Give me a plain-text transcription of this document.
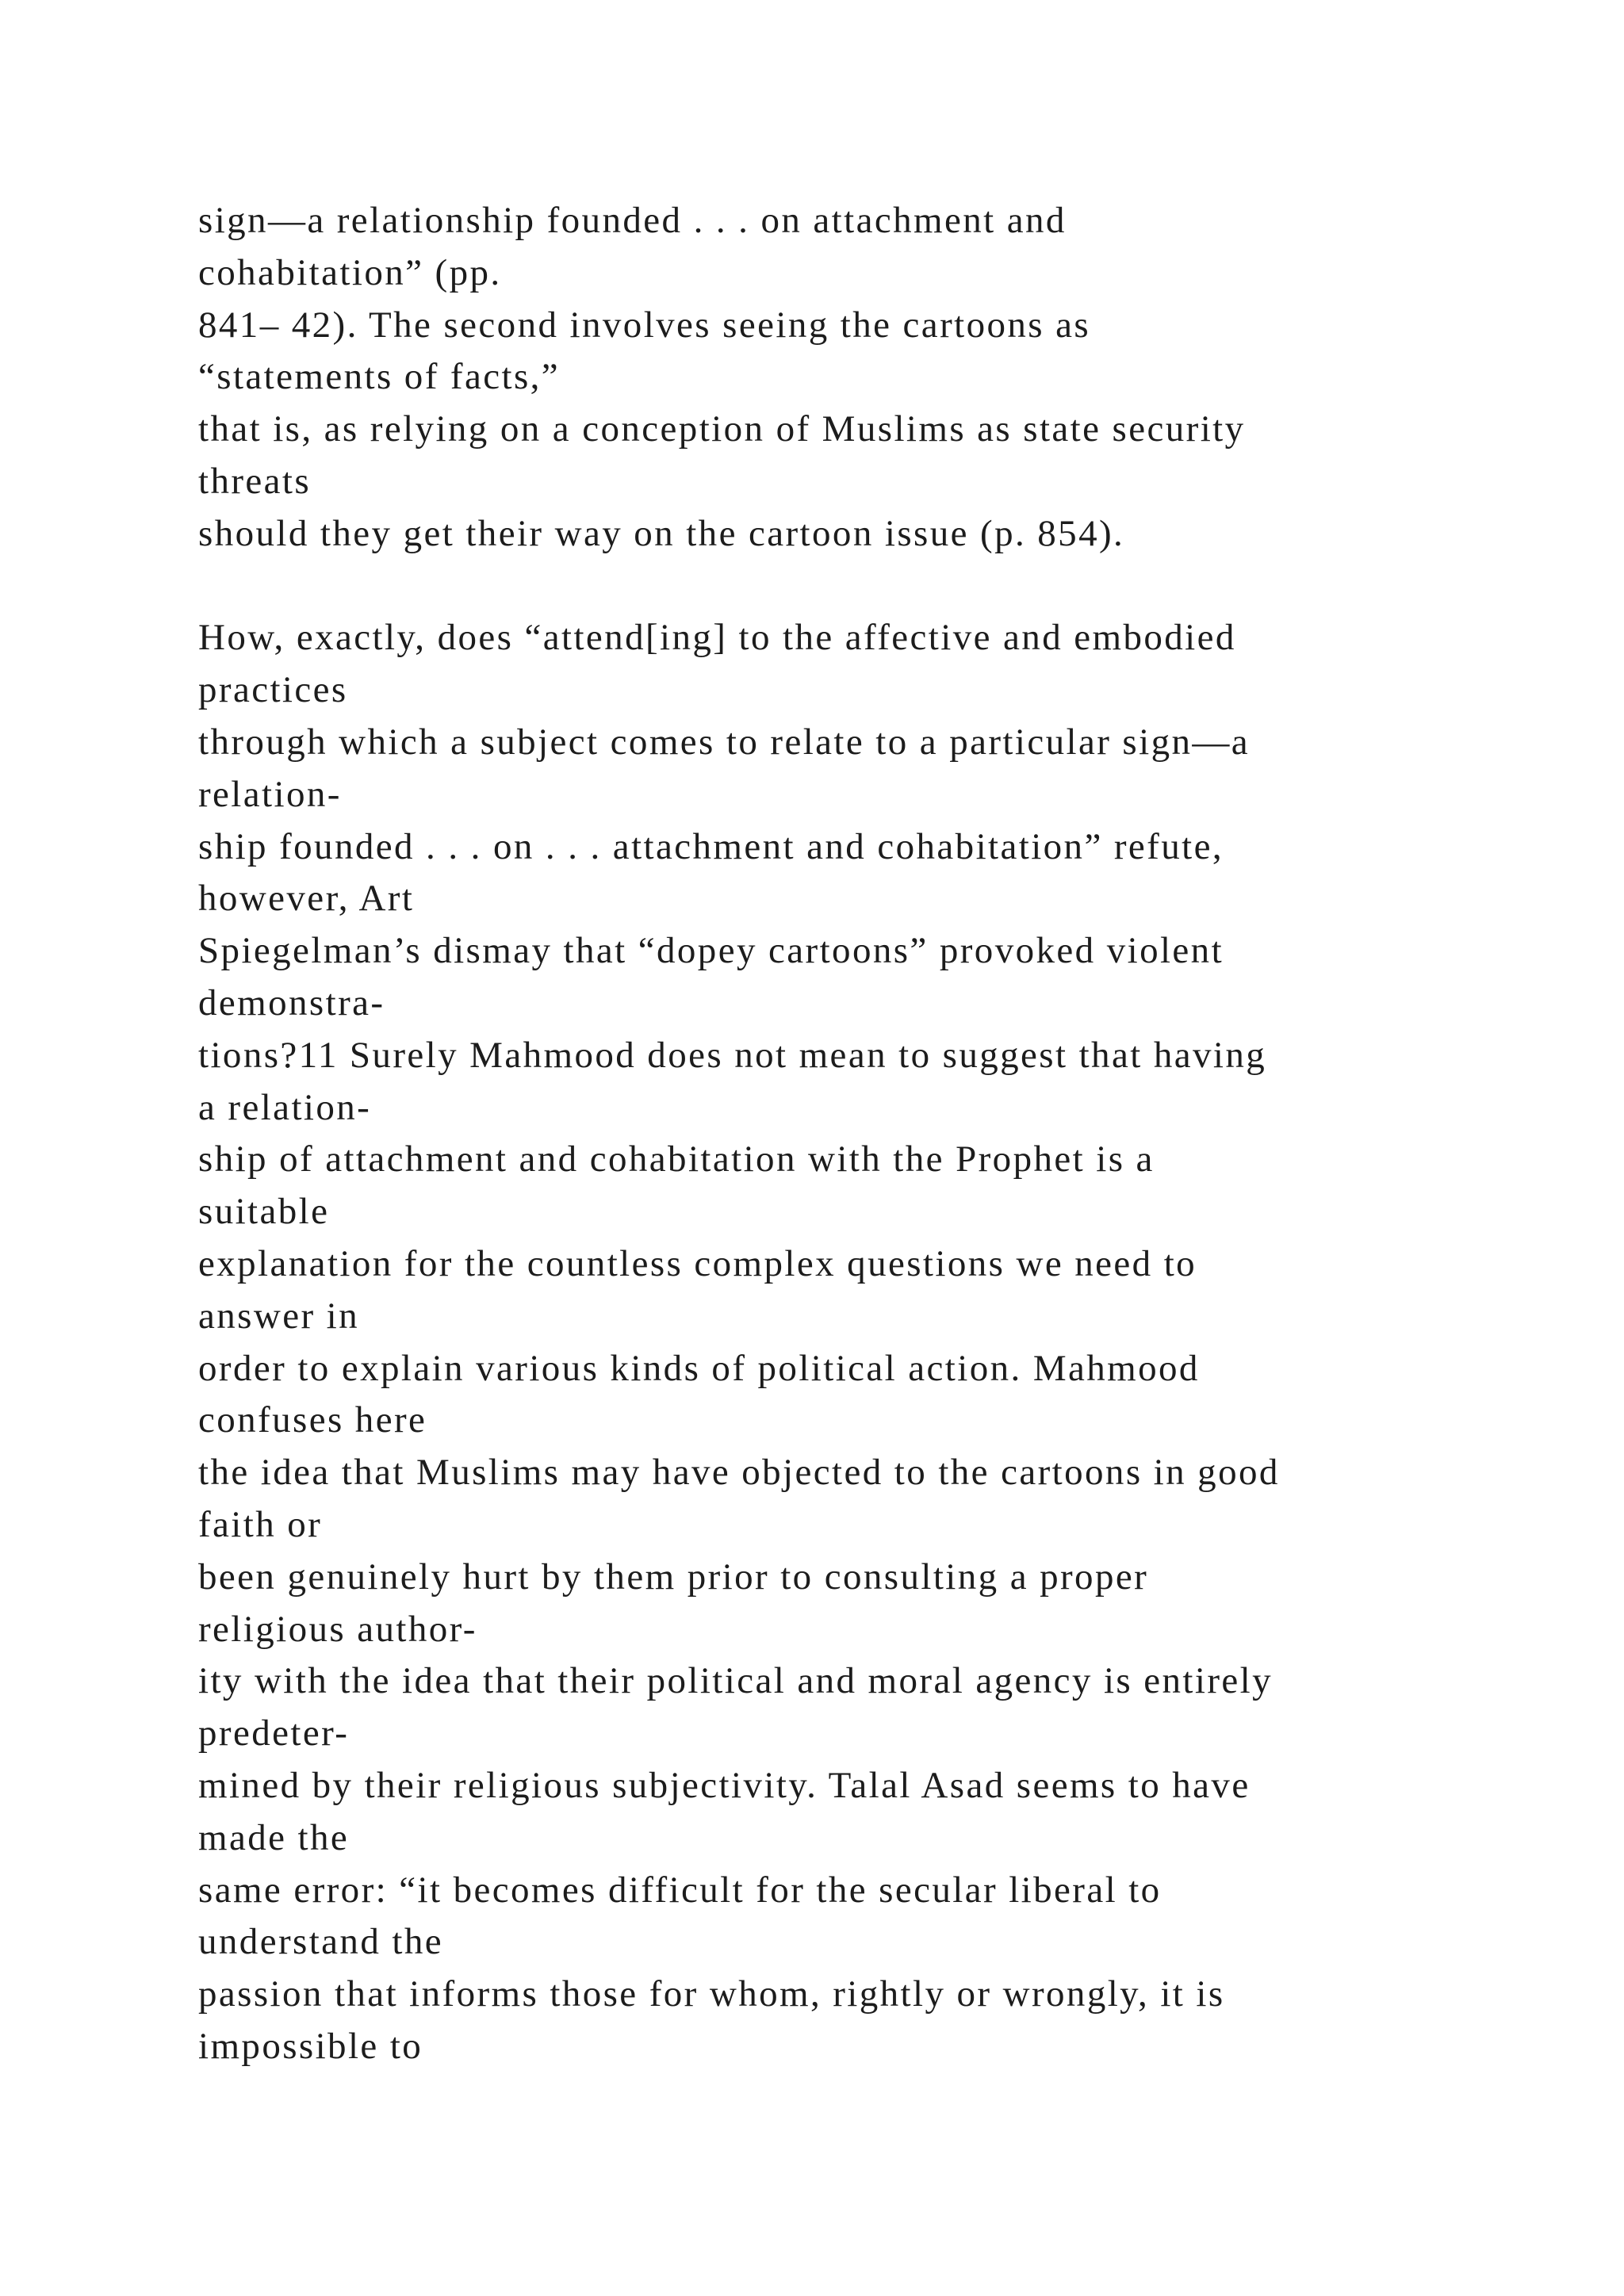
sign—a relationship founded . . . on attachment and
cohabitation” (pp.
841– 42). The second involves seeing the cartoons as
“statements of facts,”
that is, as relying on a conception of Muslims as state security
threats
should they get their way on the cartoon issue (p. 854).
How, exactly, does “attend[ing] to the affective and embodied
practices
through which a subject comes to relate to a particular sign—a
relation-
ship founded . . . on . . . attachment and cohabitation” refute,
however, Art
Spiegelman’s dismay that “dopey cartoons” provoked violent
demonstra-
tions?11 Surely Mahmood does not mean to suggest that having
a relation-
ship of attachment and cohabitation with the Prophet is a
suitable
explanation for the countless complex questions we need to
answer in
order to explain various kinds of political action. Mahmood
confuses here
the idea that Muslims may have objected to the cartoons in good
faith or
been genuinely hurt by them prior to consulting a proper
religious author-
ity with the idea that their political and moral agency is entirely
predeter-
mined by their religious subjectivity. Talal Asad seems to have
made the
same error: “it becomes difficult for the secular liberal to
understand the
passion that informs those for whom, rightly or wrongly, it is
impossible to
